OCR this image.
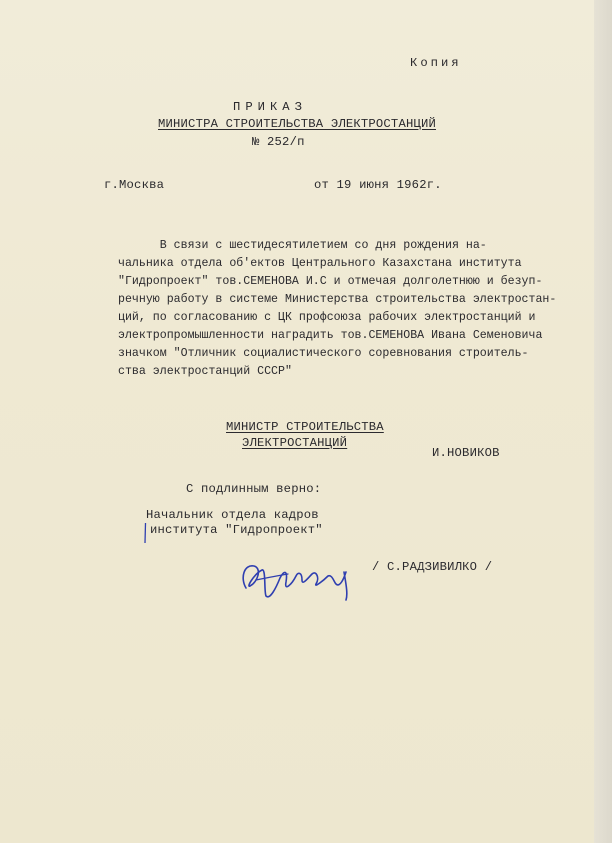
Копия
ПРИКАЗ
МИНИСТРА СТРОИТЕЛЬСТВА ЭЛЕКТРОСТАНЦИЙ
№ 252/п
г.Москва	от 19 июня 1962г.
В связи с шестидесятилетием со дня рождения на-
чальника отдела об'ектов Центрального Казахстана института
"Гидропроект" тов.СЕМЕНОВА И.С и отмечая долголетнюю и безуп-
речную работу в системе Министерства строительства электростан-
ций, по согласованию с ЦК профсоюза рабочих электростанций и
электропромышленности наградить тов.СЕМЕНОВА Ивана Семеновича
значком "Отличник социалистического соревнования строитель-
ства электростанций СССР"
МИНИСТР СТРОИТЕЛЬСТВА
ЭЛЕКТРОСТАНЦИЙ
И.НОВИКОВ
С подлинным верно:
Начальник отдела кадров
института "Гидропроект"
/ С.РАДЗИВИЛКО /
